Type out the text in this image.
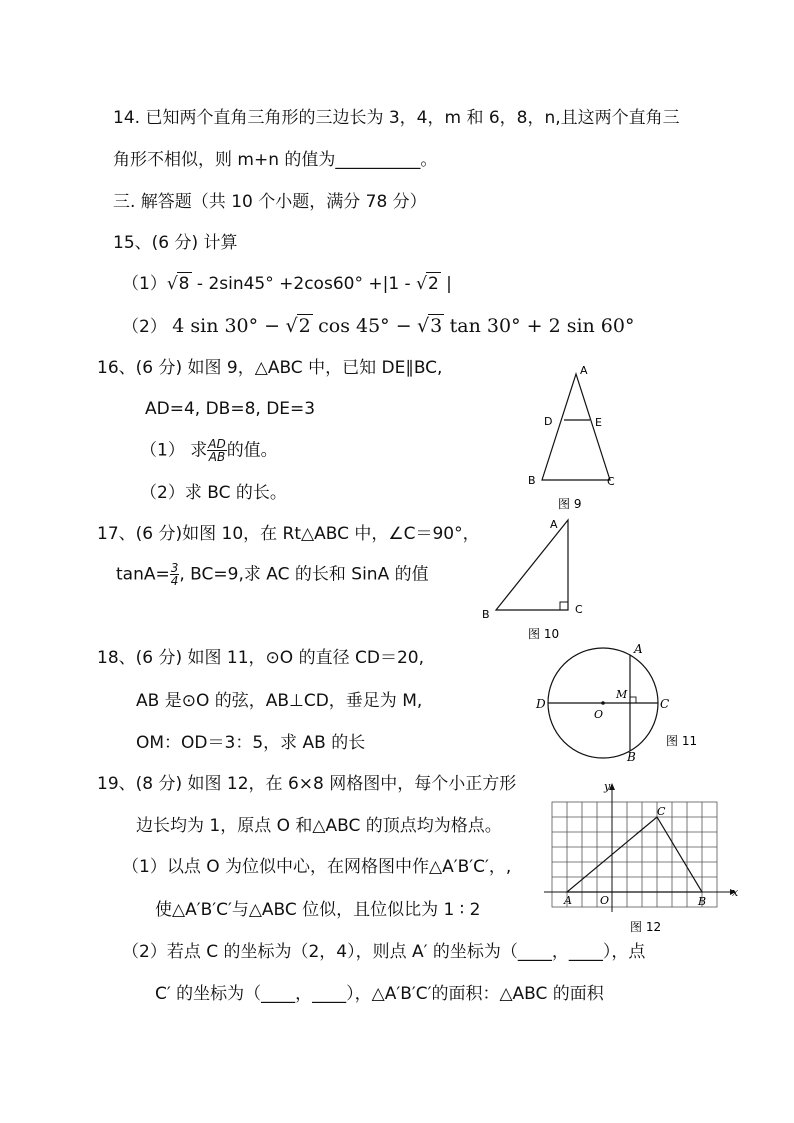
14. 已知两个直角三角形的三边长为 3，4，m 和 6，8，n,且这两个直角三
角形不相似，则 m+n 的值为__________。
三. 解答题（共 10 个小题，满分 78 分）
15、(6 分) 计算
（1）√8 - 2sin45° +2cos60° +|1 - √2 |
（2） 4 sin 30° − √2 cos 45° − √3 tan 30° + 2 sin 60°
16、(6 分) 如图 9，△ABC 中，已知 DE∥BC,
AD=4, DB=8, DE=3
（1） 求 $\frac{AD}{AB}$ 的值。
（2）求 BC 的长。
A
D	E
B	C
图 9
17、(6 分)如图 10，在 Rt△ABC 中，∠C＝90°，
$\tan A= \frac{3}{4}$ , BC=9,求 AC 的长和 SinA 的值
A
B	C
图 10
18、(6 分) 如图 11，⊙O 的直径 CD＝20,
AB 是⊙O 的弦，AB⊥CD，垂足为 M,
OM：OD＝3：5，求 AB 的长
A
B
C
D
M
O
图 11
19、(8 分) 如图 12，在 6×8 网格图中，每个小正方形
边长均为 1，原点 O 和△ABC 的顶点均为格点。
（1）以点 O 为位似中心，在网格图中作△A′B′C′，,
使△A′B′C′与△ABC 位似，且位似比为 1 ∶ 2
（2）若点 C 的坐标为（2，4），则点 A′ 的坐标为（____，____），点
C′ 的坐标为（____，____），△A′B′C′的面积：△ABC 的面积
y
x
A	O	B
C
图 12
